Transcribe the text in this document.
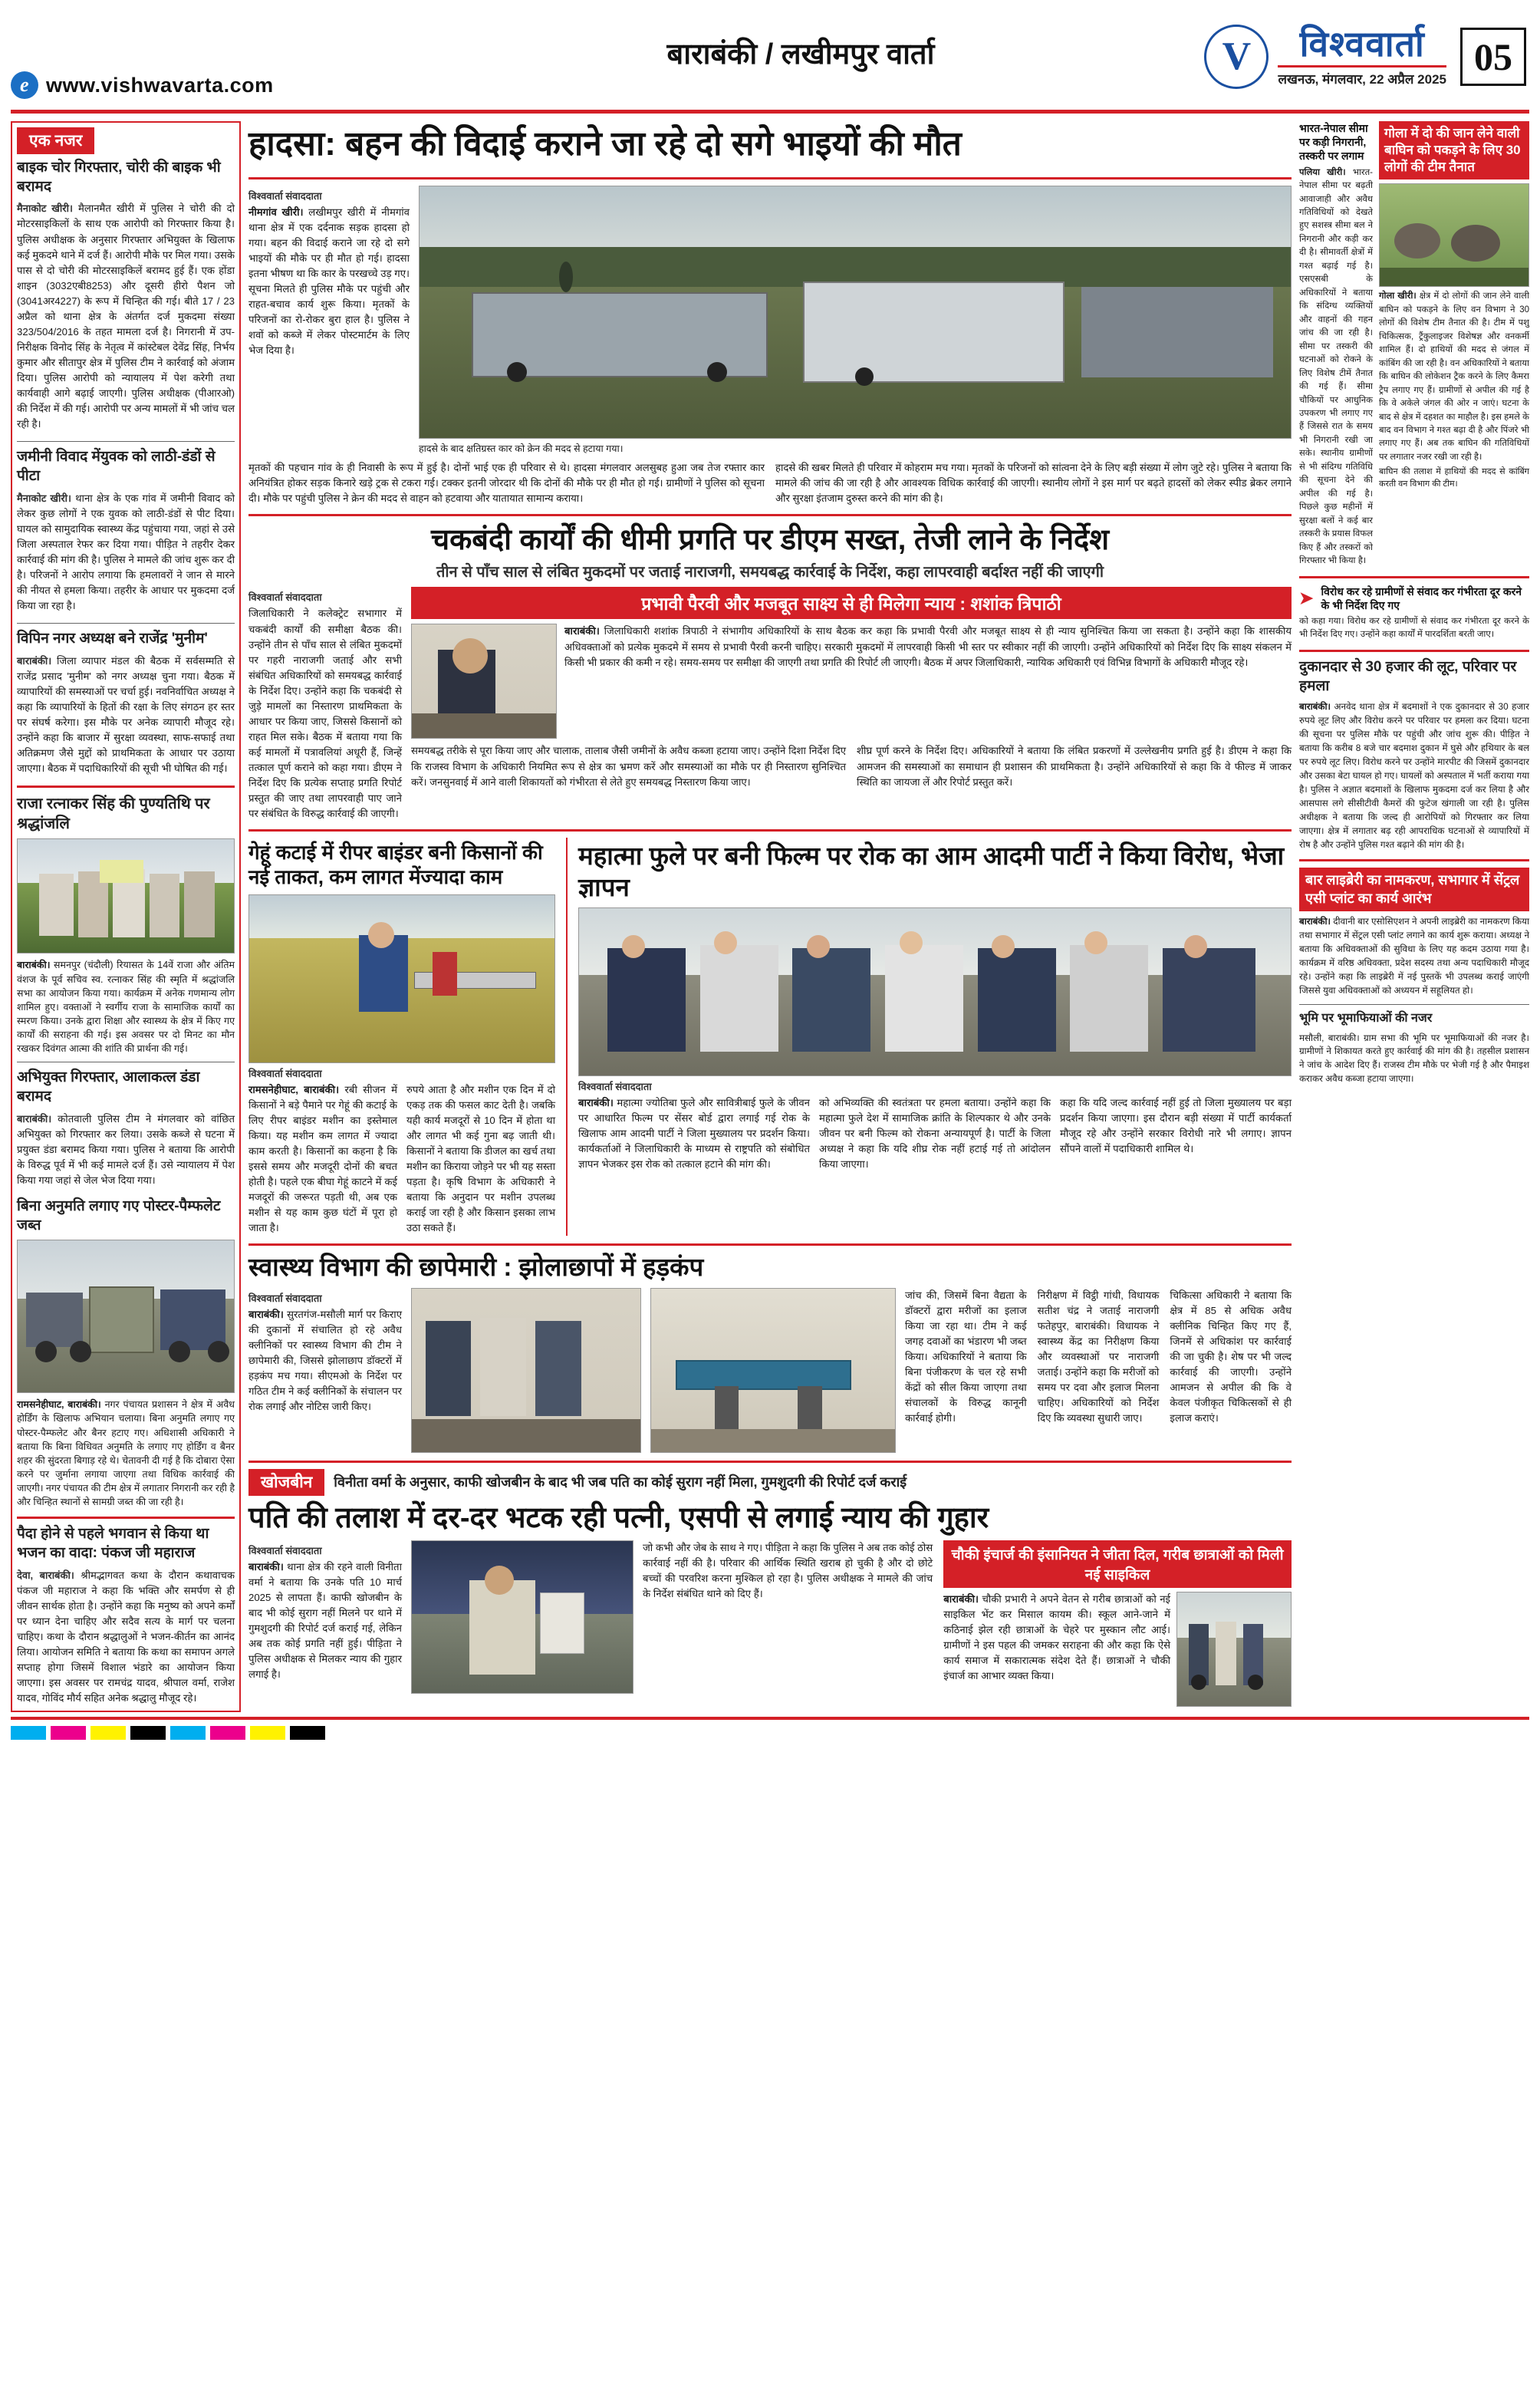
e www.vishwavarta.com
बाराबंकी / लखीमपुर वार्ता	V	विश्ववार्ता
लखनऊ, मंगलवार, 22 अप्रैल 2025
05
एक नजर
बाइक चोर गिरफ्तार, चोरी की बाइक भी बरामद
मैनाकोट खीरी। मैलानमैत खीरी में पुलिस ने चोरी की दो मोटरसाइकिलों के साथ एक आरोपी को गिरफ्तार किया है। पुलिस अधीक्षक के अनुसार गिरफ्तार अभियुक्त के खिलाफ कई मुकदमे थाने में दर्ज हैं। आरोपी मौके पर मिल गया। उसके पास से दो चोरी की मोटरसाइकिलें बरामद हुई हैं। एक होंडा शाइन (3032एबी8253) और दूसरी हीरो पैशन जो (3041अर4227) के रूप में चिन्हित की गई। बीते 17 / 23 अप्रैल को थाना क्षेत्र के अंतर्गत दर्ज मुकदमा संख्या 323/504/2016 के तहत मामला दर्ज है। निगरानी में उप-निरीक्षक विनोद सिंह के नेतृत्व में कांस्टेबल देवेंद्र सिंह, निर्भय कुमार और सीतापुर क्षेत्र में पुलिस टीम ने कार्रवाई को अंजाम दिया। पुलिस आरोपी को न्यायालय में पेश करेगी तथा कार्यवाही आगे बढ़ाई जाएगी। पुलिस अधीक्षक (पीआरओ) की निर्देश में की गई। आरोपी पर अन्य मामलों में भी जांच चल रही है।
जमीनी विवाद मेंयुवक को लाठी-डंडों से पीटा
मैनाकोट खीरी। थाना क्षेत्र के एक गांव में जमीनी विवाद को लेकर कुछ लोगों ने एक युवक को लाठी-डंडों से पीट दिया। घायल को सामुदायिक स्वास्थ्य केंद्र पहुंचाया गया, जहां से उसे जिला अस्पताल रेफर कर दिया गया। पीड़ित ने तहरीर देकर कार्रवाई की मांग की है। पुलिस ने मामले की जांच शुरू कर दी है। परिजनों ने आरोप लगाया कि हमलावरों ने जान से मारने की नीयत से हमला किया। तहरीर के आधार पर मुकदमा दर्ज किया जा रहा है।
विपिन नगर अध्यक्ष बने राजेंद्र 'मुनीम'
बाराबंकी। जिला व्यापार मंडल की बैठक में सर्वसम्मति से राजेंद्र प्रसाद 'मुनीम' को नगर अध्यक्ष चुना गया। बैठक में व्यापारियों की समस्याओं पर चर्चा हुई। नवनिर्वाचित अध्यक्ष ने कहा कि व्यापारियों के हितों की रक्षा के लिए संगठन हर स्तर पर संघर्ष करेगा। इस मौके पर अनेक व्यापारी मौजूद रहे। उन्होंने कहा कि बाजार में सुरक्षा व्यवस्था, साफ-सफाई तथा अतिक्रमण जैसे मुद्दों को प्राथमिकता के आधार पर उठाया जाएगा। बैठक में पदाधिकारियों की सूची भी घोषित की गई।
राजा रत्नाकर सिंह की पुण्यतिथि पर श्रद्धांजलि
बाराबंकी। समनपुर (चंदौली) रियासत के 14वें राजा और अंतिम वंशज के पूर्व सचिव स्व. रत्नाकर सिंह की स्मृति में श्रद्धांजलि सभा का आयोजन किया गया। कार्यक्रम में अनेक गणमान्य लोग शामिल हुए। वक्ताओं ने स्वर्गीय राजा के सामाजिक कार्यों का स्मरण किया। उनके द्वारा शिक्षा और स्वास्थ्य के क्षेत्र में किए गए कार्यों की सराहना की गई। इस अवसर पर दो मिनट का मौन रखकर दिवंगत आत्मा की शांति की प्रार्थना की गई।
अभियुक्त गिरफ्तार, आलाकत्ल डंडा बरामद
बाराबंकी। कोतवाली पुलिस टीम ने मंगलवार को वांछित अभियुक्त को गिरफ्तार कर लिया। उसके कब्जे से घटना में प्रयुक्त डंडा बरामद किया गया। पुलिस ने बताया कि आरोपी के विरुद्ध पूर्व में भी कई मामले दर्ज हैं। उसे न्यायालय में पेश किया गया जहां से जेल भेज दिया गया।
बिना अनुमति लगाए गए पोस्टर-पैम्फलेट जब्त
रामसनेहीघाट, बाराबंकी। नगर पंचायत प्रशासन ने क्षेत्र में अवैध होर्डिंग के खिलाफ अभियान चलाया। बिना अनुमति लगाए गए पोस्टर-पैम्फलेट और बैनर हटाए गए। अधिशासी अधिकारी ने बताया कि बिना विधिवत अनुमति के लगाए गए होर्डिंग व बैनर शहर की सुंदरता बिगाड़ रहे थे। चेतावनी दी गई है कि दोबारा ऐसा करने पर जुर्माना लगाया जाएगा तथा विधिक कार्रवाई की जाएगी। नगर पंचायत की टीम क्षेत्र में लगातार निगरानी कर रही है और चिन्हित स्थानों से सामग्री जब्त की जा रही है।
पैदा होने से पहले भगवान से किया था भजन का वादा: पंकज जी महाराज
देवा, बाराबंकी। श्रीमद्भागवत कथा के दौरान कथावाचक पंकज जी महाराज ने कहा कि भक्ति और समर्पण से ही जीवन सार्थक होता है। उन्होंने कहा कि मनुष्य को अपने कर्मों पर ध्यान देना चाहिए और सदैव सत्य के मार्ग पर चलना चाहिए। कथा के दौरान श्रद्धालुओं ने भजन-कीर्तन का आनंद लिया। आयोजन समिति ने बताया कि कथा का समापन अगले सप्ताह होगा जिसमें विशाल भंडारे का आयोजन किया जाएगा। इस अवसर पर रामचंद्र यादव, श्रीपाल वर्मा, राजेश यादव, गोविंद मौर्य सहित अनेक श्रद्धालु मौजूद रहे।
हादसा: बहन की विदाई कराने जा रहे दो सगे भाइयों की मौत
विश्ववार्ता संवाददाता
नीमगांव खीरी। लखीमपुर खीरी में नीमगांव थाना क्षेत्र में एक दर्दनाक सड़क हादसा हो गया। बहन की विदाई कराने जा रहे दो सगे भाइयों की मौके पर ही मौत हो गई। हादसा इतना भीषण था कि कार के परखच्चे उड़ गए। सूचना मिलते ही पुलिस मौके पर पहुंची और राहत-बचाव कार्य शुरू किया। मृतकों के परिजनों का रो-रोकर बुरा हाल है। पुलिस ने शवों को कब्जे में लेकर पोस्टमार्टम के लिए भेज दिया है।
हादसे के बाद क्षतिग्रस्त कार को क्रेन की मदद से हटाया गया।
मृतकों की पहचान गांव के ही निवासी के रूप में हुई है। दोनों भाई एक ही परिवार से थे। हादसा मंगलवार अलसुबह हुआ जब तेज रफ्तार कार अनियंत्रित होकर सड़क किनारे खड़े ट्रक से टकरा गई। टक्कर इतनी जोरदार थी कि दोनों की मौके पर ही मौत हो गई। ग्रामीणों ने पुलिस को सूचना दी। मौके पर पहुंची पुलिस ने क्रेन की मदद से वाहन को हटवाया और यातायात सामान्य कराया।
हादसे की खबर मिलते ही परिवार में कोहराम मच गया। मृतकों के परिजनों को सांत्वना देने के लिए बड़ी संख्या में लोग जुटे रहे। पुलिस ने बताया कि मामले की जांच की जा रही है और आवश्यक विधिक कार्रवाई की जाएगी। स्थानीय लोगों ने इस मार्ग पर बढ़ते हादसों को लेकर स्पीड ब्रेकर लगाने और सुरक्षा इंतजाम दुरुस्त करने की मांग की है।
चकबंदी कार्यों की धीमी प्रगति पर डीएम सख्त, तेजी लाने के निर्देश
तीन से पाँच साल से लंबित मुकदमों पर जताई नाराजगी, समयबद्ध कार्रवाई के निर्देश, कहा लापरवाही बर्दाश्त नहीं की जाएगी
विश्ववार्ता संवाददाता
जिलाधिकारी ने कलेक्ट्रेट सभागार में चकबंदी कार्यों की समीक्षा बैठक की। उन्होंने तीन से पाँच साल से लंबित मुकदमों पर गहरी नाराजगी जताई और सभी संबंधित अधिकारियों को समयबद्ध कार्रवाई के निर्देश दिए। उन्होंने कहा कि चकबंदी से जुड़े मामलों का निस्तारण प्राथमिकता के आधार पर किया जाए, जिससे किसानों को राहत मिल सके। बैठक में बताया गया कि कई मामलों में पत्रावलियां अधूरी हैं, जिन्हें तत्काल पूर्ण कराने को कहा गया। डीएम ने निर्देश दिए कि प्रत्येक सप्ताह प्रगति रिपोर्ट प्रस्तुत की जाए तथा लापरवाही पाए जाने पर संबंधित के विरुद्ध कार्रवाई की जाएगी।
प्रभावी पैरवी और मजबूत साक्ष्य से ही मिलेगा न्याय : शशांक त्रिपाठी
बाराबंकी। जिलाधिकारी शशांक त्रिपाठी ने संभागीय अधिकारियों के साथ बैठक कर कहा कि प्रभावी पैरवी और मजबूत साक्ष्य से ही न्याय सुनिश्चित किया जा सकता है। उन्होंने कहा कि शासकीय अधिवक्ताओं को प्रत्येक मुकदमे में समय से प्रभावी पैरवी करनी चाहिए। सरकारी मुकदमों में लापरवाही किसी भी स्तर पर स्वीकार नहीं की जाएगी। उन्होंने अधिकारियों को निर्देश दिए कि साक्ष्य संकलन में किसी भी प्रकार की कमी न रहे। समय-समय पर समीक्षा की जाएगी तथा प्रगति की रिपोर्ट ली जाएगी। बैठक में अपर जिलाधिकारी, न्यायिक अधिकारी एवं विभिन्न विभागों के अधिकारी मौजूद रहे।
समयबद्ध तरीके से पूरा किया जाए और चालाक, तालाब जैसी जमीनों के अवैध कब्जा हटाया जाए। उन्होंने दिशा निर्देश दिए कि राजस्व विभाग के अधिकारी नियमित रूप से क्षेत्र का भ्रमण करें और समस्याओं का मौके पर ही निस्तारण सुनिश्चित करें। जनसुनवाई में आने वाली शिकायतों को गंभीरता से लेते हुए समयबद्ध निस्तारण किया जाए।
शीघ्र पूर्ण करने के निर्देश दिए। अधिकारियों ने बताया कि लंबित प्रकरणों में उल्लेखनीय प्रगति हुई है। डीएम ने कहा कि आमजन की समस्याओं का समाधान ही प्रशासन की प्राथमिकता है। उन्होंने अधिकारियों से कहा कि वे फील्ड में जाकर स्थिति का जायजा लें और रिपोर्ट प्रस्तुत करें।
गेहूं कटाई में रीपर बाइंडर बनी किसानों की नई ताकत, कम लागत मेंज्यादा काम
विश्ववार्ता संवाददाता
रामसनेहीघाट, बाराबंकी। रबी सीजन में किसानों ने बड़े पैमाने पर गेहूं की कटाई के लिए रीपर बाइंडर मशीन का इस्तेमाल किया। यह मशीन कम लागत में ज्यादा काम करती है। किसानों का कहना है कि इससे समय और मजदूरी दोनों की बचत होती है। पहले एक बीघा गेहूं काटने में कई मजदूरों की जरूरत पड़ती थी, अब एक मशीन से यह काम कुछ घंटों में पूरा हो जाता है।
रुपये आता है और मशीन एक दिन में दो एकड़ तक की फसल काट देती है। जबकि यही कार्य मजदूरों से 10 दिन में होता था और लागत भी कई गुना बढ़ जाती थी। किसानों ने बताया कि डीजल का खर्च तथा मशीन का किराया जोड़ने पर भी यह सस्ता पड़ता है। कृषि विभाग के अधिकारी ने बताया कि अनुदान पर मशीन उपलब्ध कराई जा रही है और किसान इसका लाभ उठा सकते हैं।
महात्मा फुले पर बनी फिल्म पर रोक का आम आदमी पार्टी ने किया विरोध, भेजा ज्ञापन
विश्ववार्ता संवाददाता
बाराबंकी। महात्मा ज्योतिबा फुले और सावित्रीबाई फुले के जीवन पर आधारित फिल्म पर सेंसर बोर्ड द्वारा लगाई गई रोक के खिलाफ आम आदमी पार्टी ने जिला मुख्यालय पर प्रदर्शन किया। कार्यकर्ताओं ने जिलाधिकारी के माध्यम से राष्ट्रपति को संबोधित ज्ञापन भेजकर इस रोक को तत्काल हटाने की मांग की।
को अभिव्यक्ति की स्वतंत्रता पर हमला बताया। उन्होंने कहा कि महात्मा फुले देश में सामाजिक क्रांति के शिल्पकार थे और उनके जीवन पर बनी फिल्म को रोकना अन्यायपूर्ण है। पार्टी के जिला अध्यक्ष ने कहा कि यदि शीघ्र रोक नहीं हटाई गई तो आंदोलन किया जाएगा।
कहा कि यदि जल्द कार्रवाई नहीं हुई तो जिला मुख्यालय पर बड़ा प्रदर्शन किया जाएगा। इस दौरान बड़ी संख्या में पार्टी कार्यकर्ता मौजूद रहे और उन्होंने सरकार विरोधी नारे भी लगाए। ज्ञापन सौंपने वालों में पदाधिकारी शामिल थे।
स्वास्थ्य विभाग की छापेमारी : झोलाछापों में हड़कंप
विश्ववार्ता संवाददाता
बाराबंकी। सुरतगंज-मसौली मार्ग पर किराए की दुकानों में संचालित हो रहे अवैध क्लीनिकों पर स्वास्थ्य विभाग की टीम ने छापेमारी की, जिससे झोलाछाप डॉक्टरों में हड़कंप मच गया। सीएमओ के निर्देश पर गठित टीम ने कई क्लीनिकों के संचालन पर रोक लगाई और नोटिस जारी किए।
जांच की, जिसमें बिना वैद्यता के डॉक्टरों द्वारा मरीजों का इलाज किया जा रहा था। टीम ने कई जगह दवाओं का भंडारण भी जब्त किया। अधिकारियों ने बताया कि बिना पंजीकरण के चल रहे सभी केंद्रों को सील किया जाएगा तथा संचालकों के विरुद्ध कानूनी कार्रवाई होगी।
निरीक्षण में विट्ठी गांधी, विधायक सतीश चंद्र ने जताई नाराजगी फतेहपुर, बाराबंकी। विधायक ने स्वास्थ्य केंद्र का निरीक्षण किया और व्यवस्थाओं पर नाराजगी जताई। उन्होंने कहा कि मरीजों को समय पर दवा और इलाज मिलना चाहिए। अधिकारियों को निर्देश दिए कि व्यवस्था सुधारी जाए।
चिकित्सा अधिकारी ने बताया कि क्षेत्र में 85 से अधिक अवैध क्लीनिक चिन्हित किए गए हैं, जिनमें से अधिकांश पर कार्रवाई की जा चुकी है। शेष पर भी जल्द कार्रवाई की जाएगी। उन्होंने आमजन से अपील की कि वे केवल पंजीकृत चिकित्सकों से ही इलाज कराएं।
खोजबीन	विनीता वर्मा के अनुसार, काफी खोजबीन के बाद भी जब पति का कोई सुराग नहीं मिला, गुमशुदगी की रिपोर्ट दर्ज कराई
पति की तलाश में दर-दर भटक रही पत्नी, एसपी से लगाई न्याय की गुहार
विश्ववार्ता संवाददाता
बाराबंकी। थाना क्षेत्र की रहने वाली विनीता वर्मा ने बताया कि उनके पति 10 मार्च 2025 से लापता हैं। काफी खोजबीन के बाद भी कोई सुराग नहीं मिलने पर थाने में गुमशुदगी की रिपोर्ट दर्ज कराई गई, लेकिन अब तक कोई प्रगति नहीं हुई। पीड़िता ने पुलिस अधीक्षक से मिलकर न्याय की गुहार लगाई है।
जो कभी और जेब के साथ ने गए। पीड़िता ने कहा कि पुलिस ने अब तक कोई ठोस कार्रवाई नहीं की है। परिवार की आर्थिक स्थिति खराब हो चुकी है और दो छोटे बच्चों की परवरिश करना मुश्किल हो रहा है। पुलिस अधीक्षक ने मामले की जांच के निर्देश संबंधित थाने को दिए हैं।
चौकी इंचार्ज की इंसानियत ने जीता दिल, गरीब छात्राओं को मिली नई साइकिल
बाराबंकी। चौकी प्रभारी ने अपने वेतन से गरीब छात्राओं को नई साइकिल भेंट कर मिसाल कायम की। स्कूल आने-जाने में कठिनाई झेल रही छात्राओं के चेहरे पर मुस्कान लौट आई। ग्रामीणों ने इस पहल की जमकर सराहना की और कहा कि ऐसे कार्य समाज में सकारात्मक संदेश देते हैं। छात्राओं ने चौकी इंचार्ज का आभार व्यक्त किया।
भारत-नेपाल सीमा पर कड़ी निगरानी, तस्करी पर लगाम
पलिया खीरी। भारत-नेपाल सीमा पर बढ़ती आवाजाही और अवैध गतिविधियों को देखते हुए सशस्त्र सीमा बल ने निगरानी और कड़ी कर दी है। सीमावर्ती क्षेत्रों में गश्त बढ़ाई गई है। एसएसबी के अधिकारियों ने बताया कि संदिग्ध व्यक्तियों और वाहनों की गहन जांच की जा रही है। सीमा पर तस्करी की घटनाओं को रोकने के लिए विशेष टीमें तैनात की गई हैं। सीमा चौकियों पर आधुनिक उपकरण भी लगाए गए हैं जिससे रात के समय भी निगरानी रखी जा सके। स्थानीय ग्रामीणों से भी संदिग्ध गतिविधि की सूचना देने की अपील की गई है। पिछले कुछ महीनों में सुरक्षा बलों ने कई बार तस्करी के प्रयास विफल किए हैं और तस्करों को गिरफ्तार भी किया है।
गोला में दो की जान लेने वाली बाघिन को पकड़ने के लिए 30 लोगों की टीम तैनात
गोला खीरी। क्षेत्र में दो लोगों की जान लेने वाली बाघिन को पकड़ने के लिए वन विभाग ने 30 लोगों की विशेष टीम तैनात की है। टीम में पशु चिकित्सक, ट्रैंकुलाइजर विशेषज्ञ और वनकर्मी शामिल हैं। दो हाथियों की मदद से जंगल में कांबिंग की जा रही है। वन अधिकारियों ने बताया कि बाघिन की लोकेशन ट्रैक करने के लिए कैमरा ट्रैप लगाए गए हैं। ग्रामीणों से अपील की गई है कि वे अकेले जंगल की ओर न जाएं। घटना के बाद से क्षेत्र में दहशत का माहौल है। इस हमले के बाद वन विभाग ने गश्त बढ़ा दी है और पिंजरे भी लगाए गए हैं। अब तक बाघिन की गतिविधियों पर लगातार नजर रखी जा रही है।
बाघिन की तलाश में हाथियों की मदद से कांबिंग करती वन विभाग की टीम।
➤ विरोध कर रहे ग्रामीणों से संवाद कर गंभीरता दूर करने के भी निर्देश दिए गए
को कहा गया। विरोध कर रहे ग्रामीणों से संवाद कर गंभीरता दूर करने के भी निर्देश दिए गए। उन्होंने कहा कार्यों में पारदर्शिता बरती जाए।
दुकानदार से 30 हजार की लूट, परिवार पर हमला
बाराबंकी। अनवेद थाना क्षेत्र में बदमाशों ने एक दुकानदार से 30 हजार रुपये लूट लिए और विरोध करने पर परिवार पर हमला कर दिया। घटना की सूचना पर पुलिस मौके पर पहुंची और जांच शुरू की। पीड़ित ने बताया कि करीब 8 बजे चार बदमाश दुकान में घुसे और हथियार के बल पर रुपये लूट लिए। विरोध करने पर उन्होंने मारपीट की जिसमें दुकानदार और उसका बेटा घायल हो गए। घायलों को अस्पताल में भर्ती कराया गया है। पुलिस ने अज्ञात बदमाशों के खिलाफ मुकदमा दर्ज कर लिया है और आसपास लगे सीसीटीवी कैमरों की फुटेज खंगाली जा रही है। पुलिस अधीक्षक ने बताया कि जल्द ही आरोपियों को गिरफ्तार कर लिया जाएगा। क्षेत्र में लगातार बढ़ रही आपराधिक घटनाओं से व्यापारियों में रोष है और उन्होंने पुलिस गश्त बढ़ाने की मांग की है।
बार लाइब्रेरी का नामकरण, सभागार में सेंट्रल एसी प्लांट का कार्य आरंभ
बाराबंकी। दीवानी बार एसोसिएशन ने अपनी लाइब्रेरी का नामकरण किया तथा सभागार में सेंट्रल एसी प्लांट लगाने का कार्य शुरू कराया। अध्यक्ष ने बताया कि अधिवक्ताओं की सुविधा के लिए यह कदम उठाया गया है। कार्यक्रम में वरिष्ठ अधिवक्ता, प्रदेश सदस्य तथा अन्य पदाधिकारी मौजूद रहे। उन्होंने कहा कि लाइब्रेरी में नई पुस्तकें भी उपलब्ध कराई जाएंगी जिससे युवा अधिवक्ताओं को अध्ययन में सहूलियत हो।
भूमि पर भूमाफियाओं की नजर
मसौली, बाराबंकी। ग्राम सभा की भूमि पर भूमाफियाओं की नजर है। ग्रामीणों ने शिकायत करते हुए कार्रवाई की मांग की है। तहसील प्रशासन ने जांच के आदेश दिए हैं। राजस्व टीम मौके पर भेजी गई है और पैमाइश कराकर अवैध कब्जा हटाया जाएगा।
